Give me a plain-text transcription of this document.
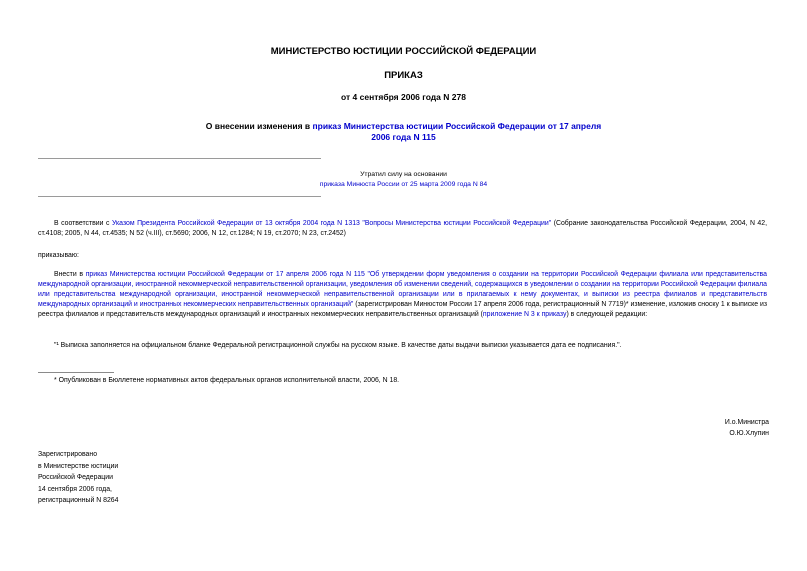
МИНИСТЕРСТВО ЮСТИЦИИ РОССИЙСКОЙ ФЕДЕРАЦИИ
ПРИКАЗ
от 4 сентября 2006 года N 278
О внесении изменения в приказ Министерства юстиции Российской Федерации от 17 апреля 2006 года N 115
Утратил силу на основании
приказа Минюста России от 25 марта 2009 года N 84
В соответствии с Указом Президента Российской Федерации от 13 октября 2004 года N 1313 "Вопросы Министерства юстиции Российской Федерации" (Собрание законодательства Российской Федерации, 2004, N 42, ст.4108; 2005, N 44, ст.4535; N 52 (ч.III), ст.5690; 2006, N 12, ст.1284; N 19, ст.2070; N 23, ст.2452)
приказываю:
Внести в приказ Министерства юстиции Российской Федерации от 17 апреля 2006 года N 115 "Об утверждении форм уведомления о создании на территории Российской Федерации филиала или представительства международной организации, иностранной некоммерческой неправительственной организации, уведомления об изменении сведений, содержащихся в уведомлении о создании на территории Российской Федерации филиала или представительства международной организации, иностранной некоммерческой неправительственной организации или в прилагаемых к нему документах, и выписки из реестра филиалов и представительств международных организаций и иностранных некоммерческих неправительственных организаций" (зарегистрирован Минюстом России 17 апреля 2006 года, регистрационный N 7719)* изменение, изложив сноску 1 к выписке из реестра филиалов и представительств международных организаций и иностранных некоммерческих неправительственных организаций (приложение N 3 к приказу) в следующей редакции:
"¹ Выписка заполняется на официальном бланке Федеральной регистрационной службы на русском языке. В качестве даты выдачи выписки указывается дата ее подписания.".
* Опубликован в Бюллетене нормативных актов федеральных органов исполнительной власти, 2006, N 18.
И.о.Министра
О.Ю.Хлупин
Зарегистрировано
в Министерстве юстиции
Российской Федерации
14 сентября 2006 года,
регистрационный N 8264
